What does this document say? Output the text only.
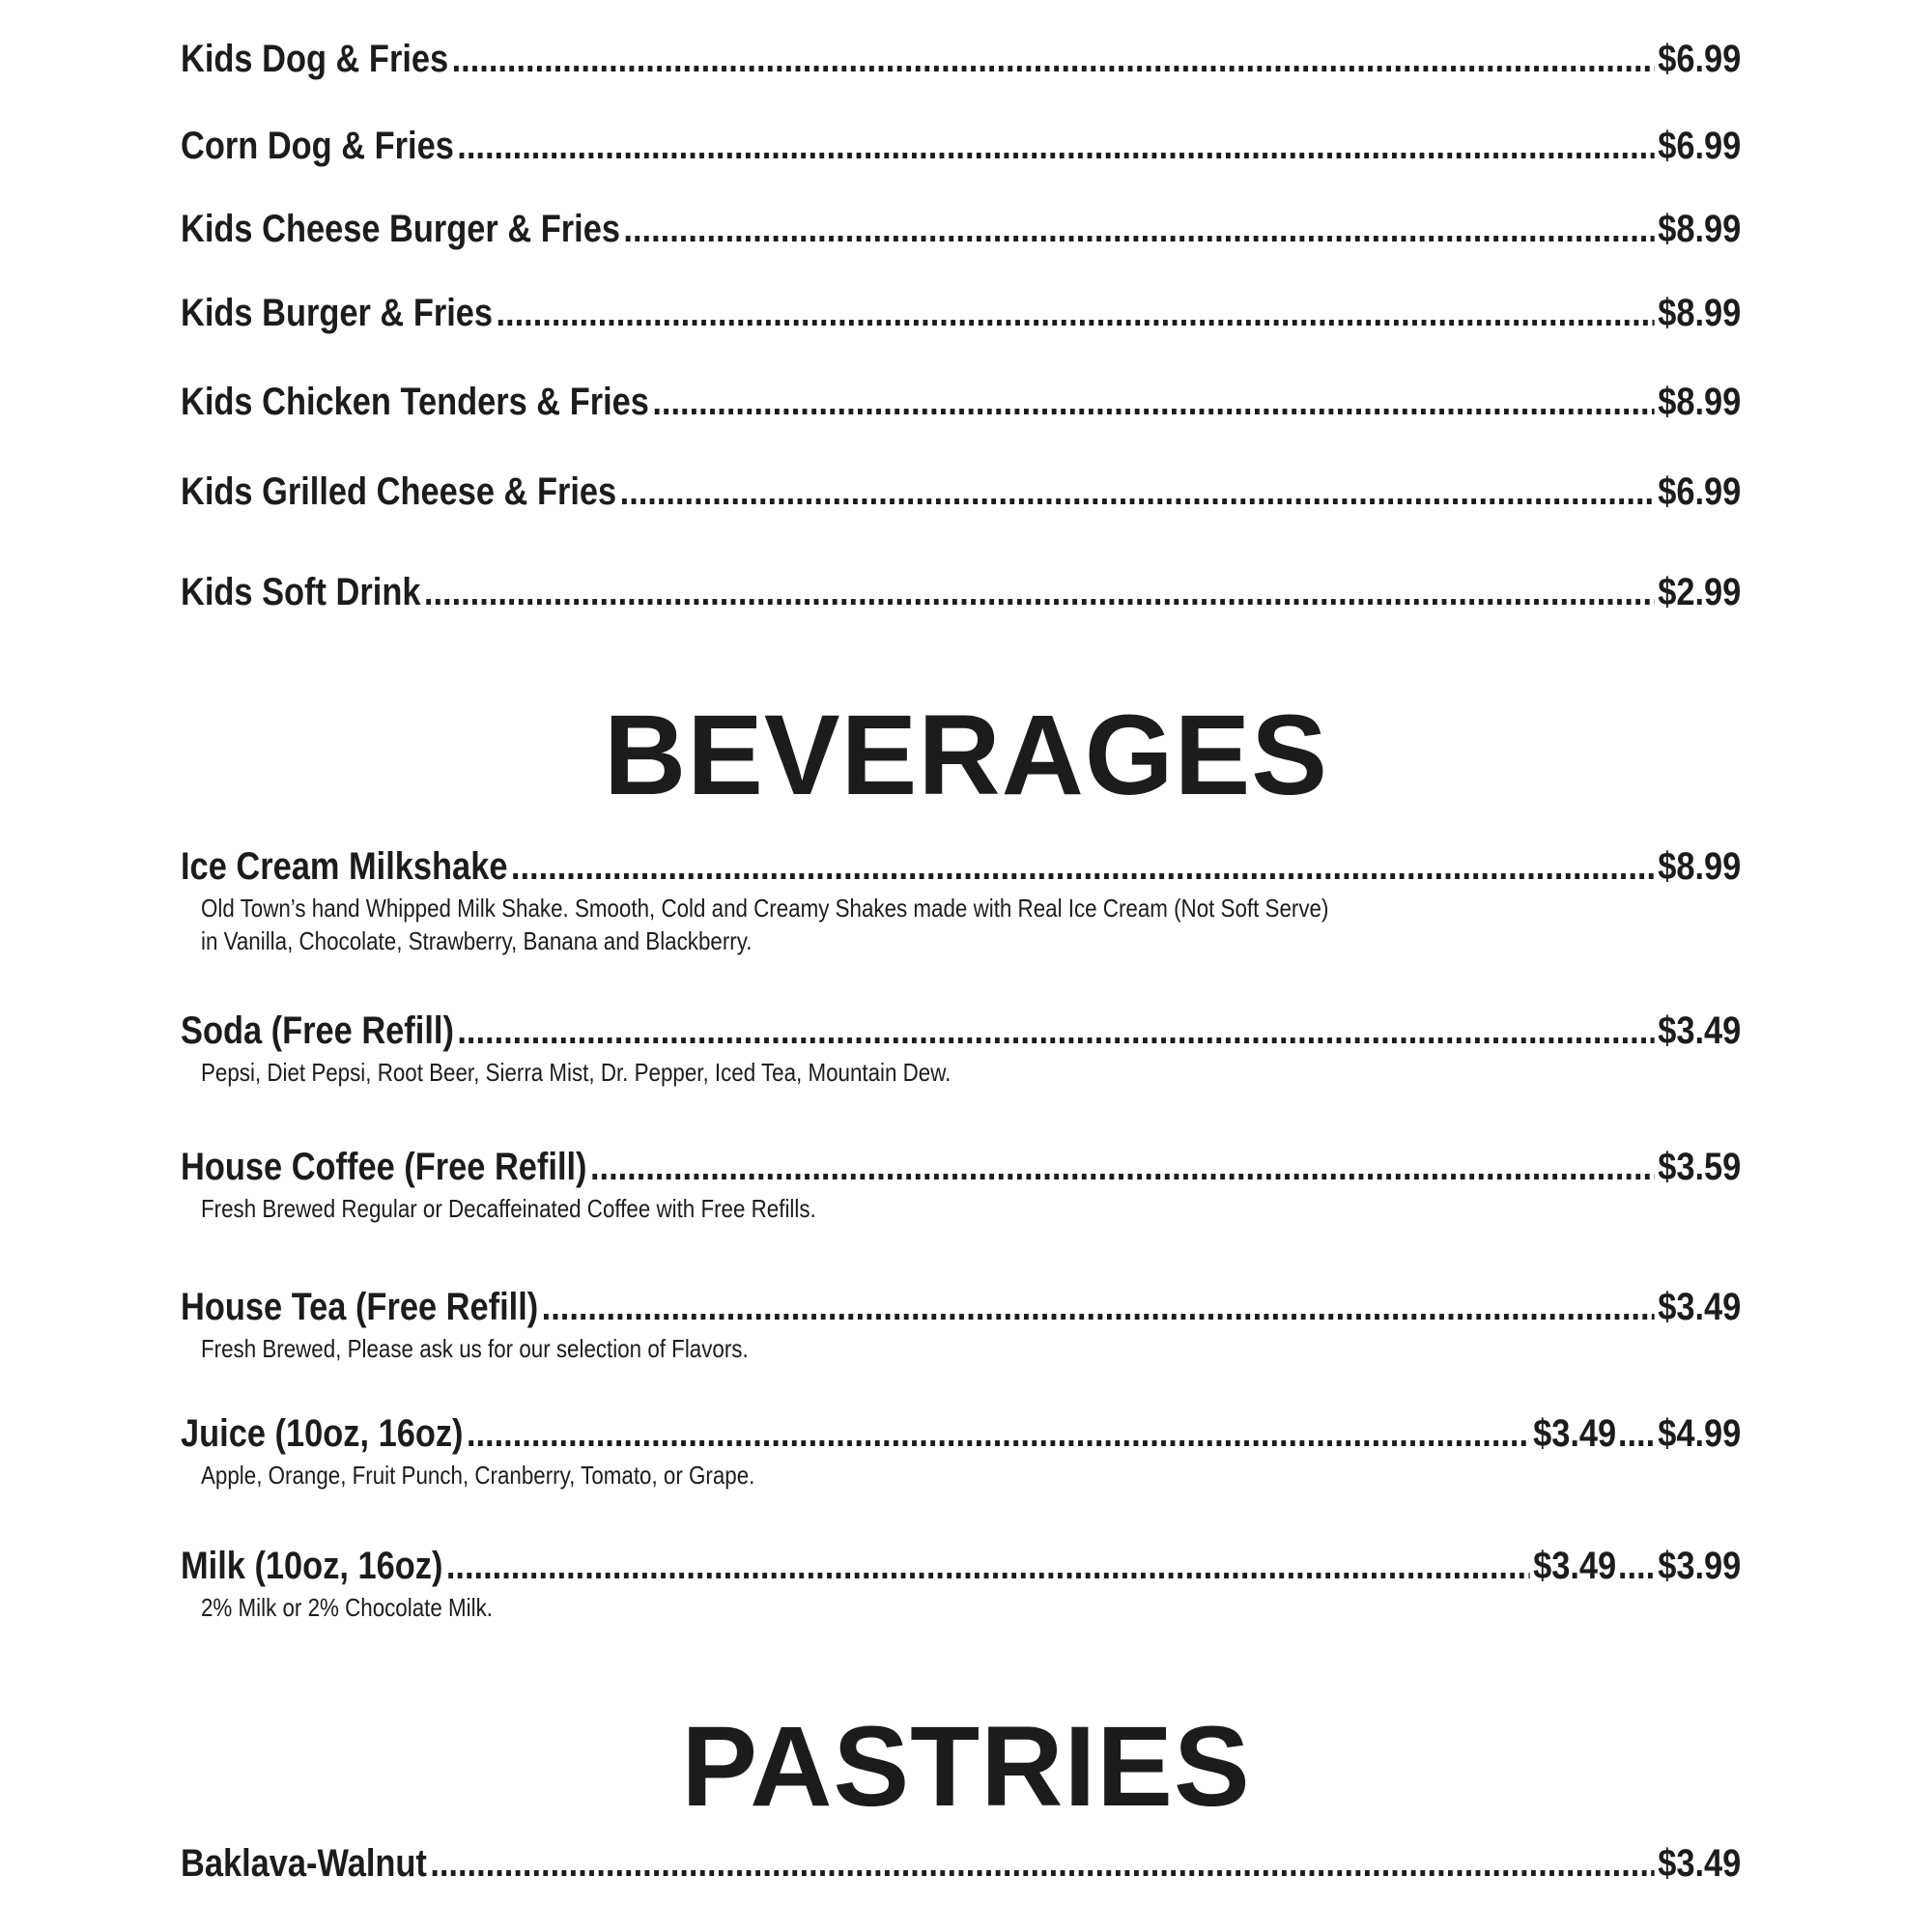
Kids Dog & Fries .....	$6.99
Corn Dog & Fries .....	$6.99
Kids Cheese Burger & Fries .....	$8.99
Kids Burger & Fries .....	$8.99
Kids Chicken Tenders & Fries .....	$8.99
Kids Grilled Cheese & Fries .....	$6.99
Kids Soft Drink .....	$2.99
BEVERAGES
Ice Cream Milkshake .....	$8.99
Old Town’s hand Whipped Milk Shake. Smooth, Cold and Creamy Shakes made with Real Ice Cream (Not Soft Serve) in Vanilla, Chocolate, Strawberry, Banana and Blackberry.
Soda (Free Refill) .....	$3.49
Pepsi, Diet Pepsi, Root Beer, Sierra Mist, Dr. Pepper, Iced Tea, Mountain Dew.
House Coffee (Free Refill) .....	$3.59
Fresh Brewed Regular or Decaffeinated Coffee with Free Refills.
House Tea (Free Refill) .....	$3.49
Fresh Brewed, Please ask us for our selection of Flavors.
Juice (10oz, 16oz) .....	$3.49 ........ $4.99
Apple, Orange, Fruit Punch, Cranberry, Tomato, or Grape.
Milk (10oz, 16oz) .....	$3.49 ........ $3.99
2% Milk or 2% Chocolate Milk.
PASTRIES
Baklava-Walnut .....	$3.49
